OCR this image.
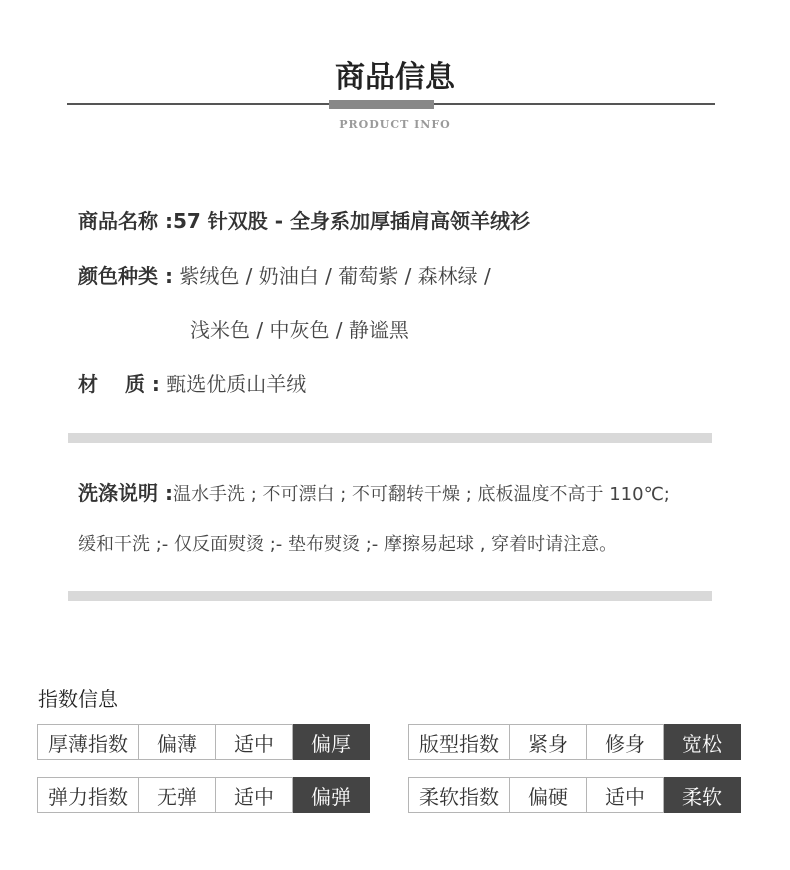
商品信息
PRODUCT INFO
商品名称 :57 针双股 - 全身系加厚插肩高领羊绒衫
颜色种类 : 紫绒色 / 奶油白 / 葡萄紫 / 森林绿 /
浅米色 / 中灰色 / 静谧黑
材　 质 : 甄选优质山羊绒
洗涤说明 :温水手洗 ; 不可漂白 ; 不可翻转干燥 ; 底板温度不高于 110℃;
缓和干洗 ;- 仅反面熨烫 ;- 垫布熨烫 ;- 摩擦易起球 , 穿着时请注意。
指数信息
厚薄指数	偏薄	适中	偏厚	版型指数	紧身	修身	宽松
弹力指数	无弹	适中	偏弹	柔软指数	偏硬	适中	柔软
